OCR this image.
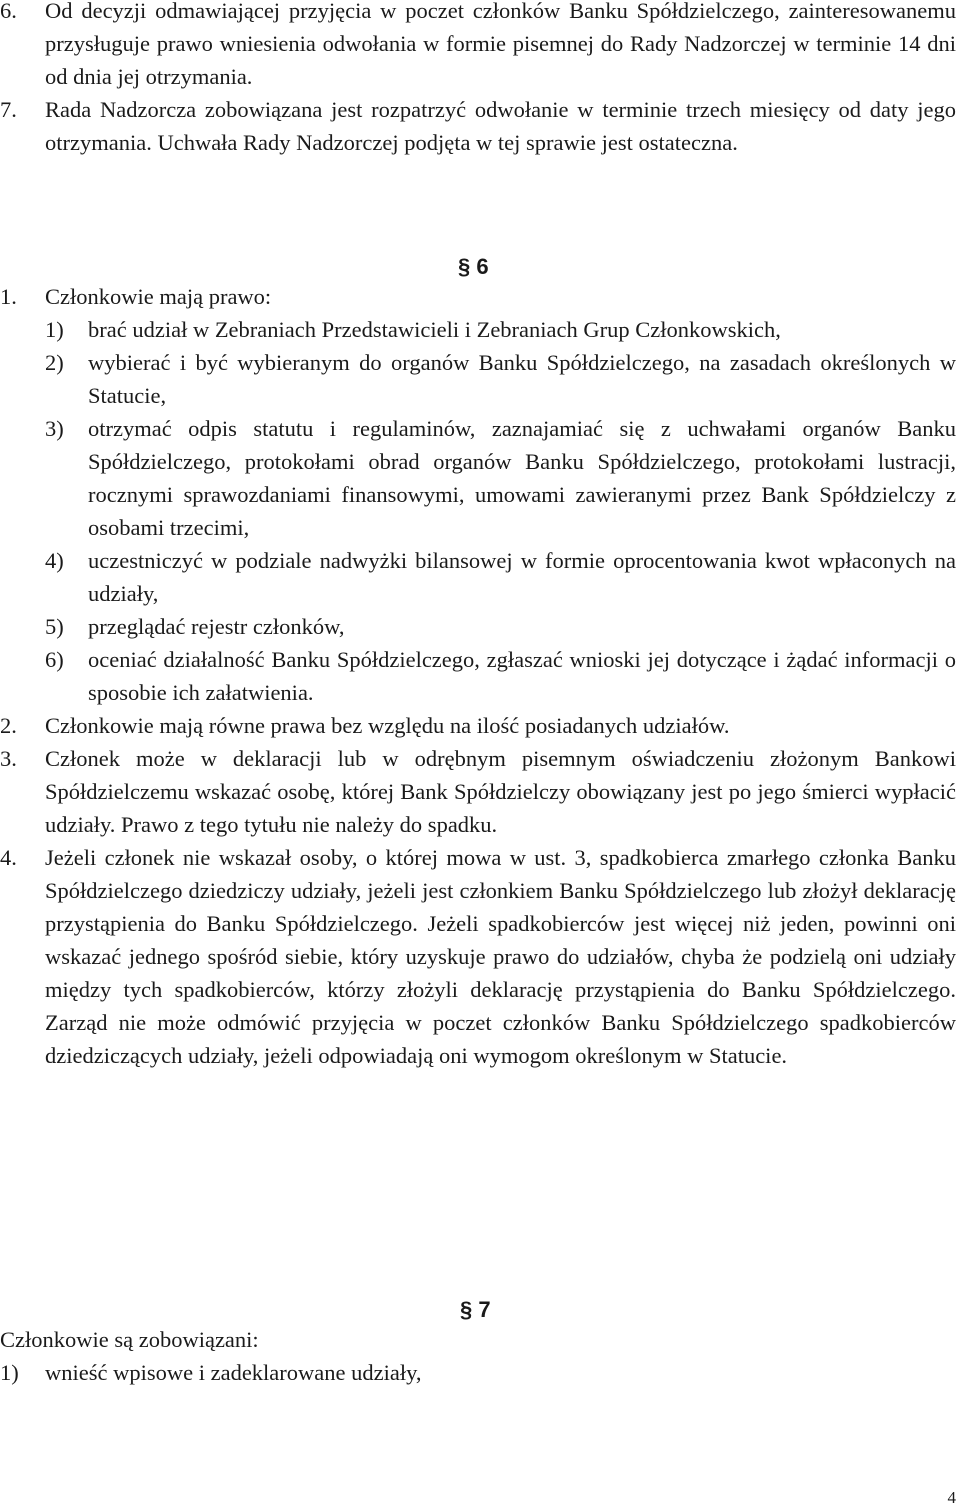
6. Od decyzji odmawiającej przyjęcia w poczet członków Banku Spółdzielczego, zainteresowanemu przysługuje prawo wniesienia odwołania w formie pisemnej do Rady Nadzorczej w terminie 14 dni od dnia jej otrzymania.
7. Rada Nadzorcza zobowiązana jest rozpatrzyć odwołanie w terminie trzech miesięcy od daty jego otrzymania. Uchwała Rady Nadzorczej podjęta w tej sprawie jest ostateczna.
§ 6
1. Członkowie mają prawo:
1) brać udział w Zebraniach Przedstawicieli i Zebraniach Grup Członkowskich,
2) wybierać i być wybieranym do organów Banku Spółdzielczego, na zasadach określonych w Statucie,
3) otrzymać odpis statutu i regulaminów, zaznajamiać się z uchwałami organów Banku Spółdzielczego, protokołami obrad organów Banku Spółdzielczego, protokołami lustracji, rocznymi sprawozdaniami finansowymi, umowami zawieranymi przez Bank Spółdzielczy z osobami trzecimi,
4) uczestniczyć w podziale nadwyżki bilansowej w formie oprocentowania kwot wpłaconych na udziały,
5) przeglądać rejestr członków,
6) oceniać działalność Banku Spółdzielczego, zgłaszać wnioski jej dotyczące i żądać informacji o sposobie ich załatwienia.
2. Członkowie mają równe prawa bez względu na ilość posiadanych udziałów.
3. Członek może w deklaracji lub w odrębnym pisemnym oświadczeniu złożonym Bankowi Spółdzielczemu wskazać osobę, której Bank Spółdzielczy obowiązany jest po jego śmierci wypłacić udziały. Prawo z tego tytułu nie należy do spadku.
4. Jeżeli członek nie wskazał osoby, o której mowa w ust. 3, spadkobierca zmarłego członka Banku Spółdzielczego dziedziczy udziały, jeżeli jest członkiem Banku Spółdzielczego lub złożył deklarację przystąpienia do Banku Spółdzielczego. Jeżeli spadkobierców jest więcej niż jeden, powinni oni wskazać jednego spośród siebie, który uzyskuje prawo do udziałów, chyba że podzielą oni udziały między tych spadkobierców, którzy złożyli deklarację przystąpienia do Banku Spółdzielczego. Zarząd nie może odmówić przyjęcia w poczet członków Banku Spółdzielczego spadkobierców dziedziczących udziały, jeżeli odpowiadają oni wymogom określonym w Statucie.
§ 7
Członkowie są zobowiązani:
1) wnieść wpisowe i zadeklarowane udziały,
4
